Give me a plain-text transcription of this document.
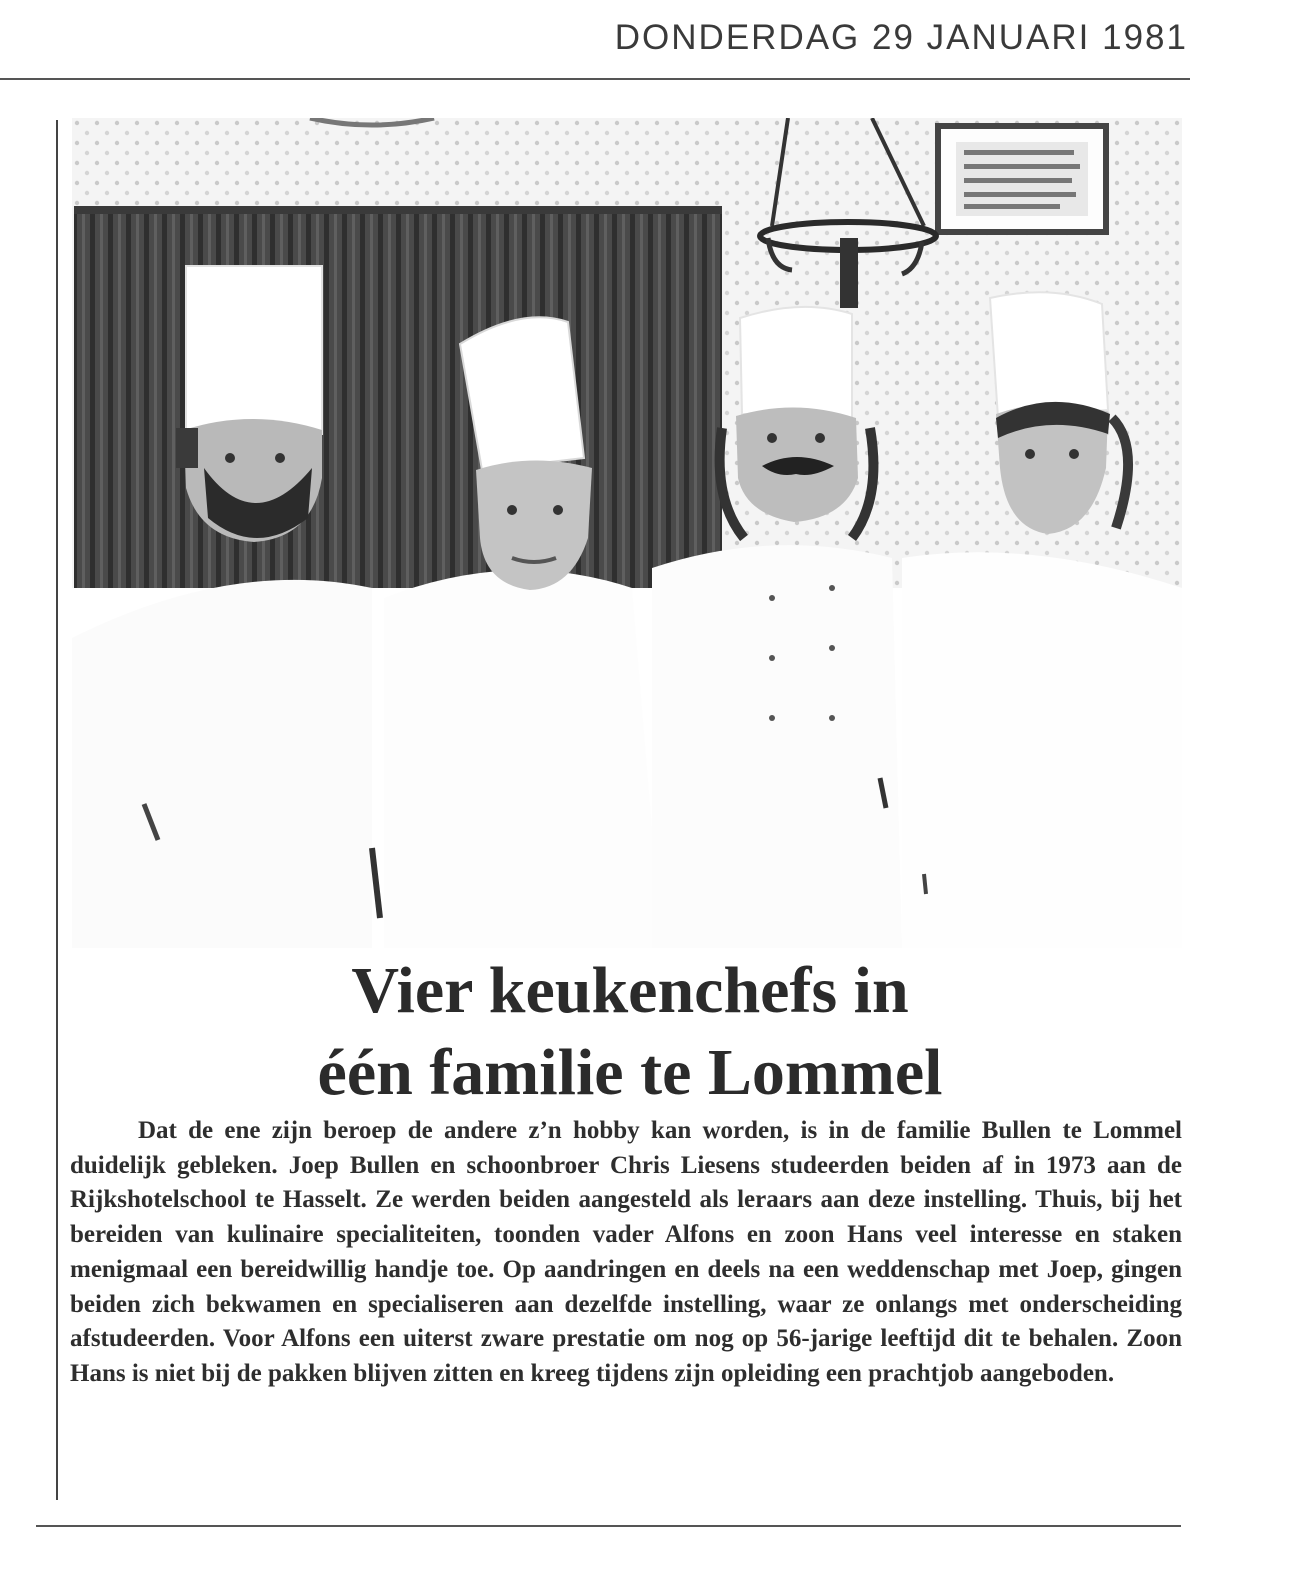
DONDERDAG 29 JANUARI 1981
Vier keukenchefs in
één familie te Lommel

Dat de ene zijn beroep de andere z’n hobby kan worden, is in de familie Bullen te Lommel duidelijk gebleken. Joep Bullen en schoonbroer Chris Liesens studeerden beiden af in 1973 aan de Rijkshotelschool te Hasselt. Ze werden beiden aangesteld als leraars aan deze instelling. Thuis, bij het bereiden van kulinaire specialiteiten, toonden vader Alfons en zoon Hans veel interesse en staken menigmaal een bereidwillig handje toe. Op aandringen en deels na een weddenschap met Joep, gingen beiden zich bekwamen en specialiseren aan dezelfde instelling, waar ze onlangs met onderscheiding afstudeerden. Voor Alfons een uiterst zware prestatie om nog op 56-jarige leeftijd dit te behalen. Zoon Hans is niet bij de pakken blijven zitten en kreeg tijdens zijn opleiding een prachtjob aangeboden.
